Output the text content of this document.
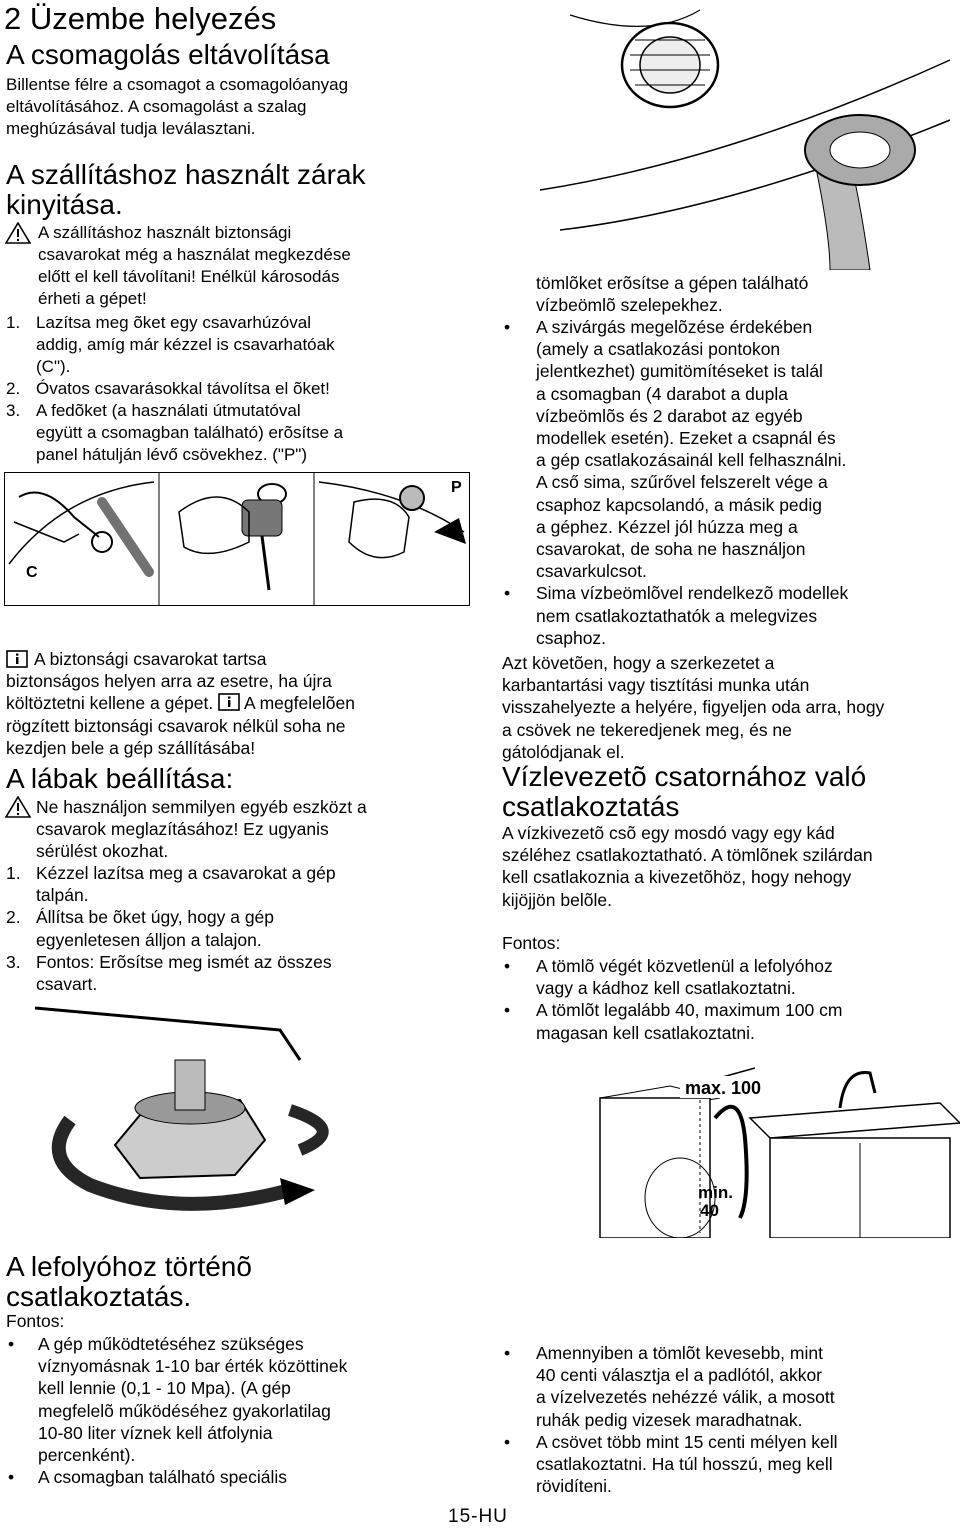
2 Üzembe helyezés
A csomagolás eltávolítása
Billentse félre a csomagot a csomagolóanyag
eltávolításához. A csomagolást a szalag
meghúzásával tudja leválasztani.
A szállításhoz használt zárak
kinyitása.
A szállításhoz használt biztonsági
csavarokat még a használat megkezdése
előtt el kell távolítani! Enélkül károsodás
érheti a gépet!
1. Lazítsa meg õket egy csavarhúzóval
addig, amíg már kézzel is csavarhatóak
(C").
2. Óvatos csavarásokkal távolítsa el õket!
3. A fedõket (a használati útmutatóval
együtt a csomagban található) erõsítse a
panel hátulján lévő csövekhez. ("P")
C
P
A biztonsági csavarokat tartsa
biztonságos helyen arra az esetre, ha újra
költöztetni kellene a gépet. A megfelelõen
rögzített biztonsági csavarok nélkül soha ne
kezdjen bele a gép szállításába!
A lábak beállítása:
Ne használjon semmilyen egyéb eszközt a
csavarok meglazításához! Ez ugyanis
sérülést okozhat.
1. Kézzel lazítsa meg a csavarokat a gép
talpán.
2. Állítsa be õket úgy, hogy a gép
egyenletesen álljon a talajon.
3. Fontos: Erõsítse meg ismét az összes
csavart.
tömlõket erõsítse a gépen található
vízbeömlõ szelepekhez.
• A szivárgás megelõzése érdekében
(amely a csatlakozási pontokon
jelentkezhet) gumitömítéseket is talál
a csomagban (4 darabot a dupla
vízbeömlõs és 2 darabot az egyéb
modellek esetén). Ezeket a csapnál és
a gép csatlakozásainál kell felhasználni.
A cső sima, szűrővel felszerelt vége a
csaphoz kapcsolandó, a másik pedig
a géphez. Kézzel jól húzza meg a
csavarokat, de soha ne használjon
csavarkulcsot.
• Sima vízbeömlõvel rendelkezõ modellek
nem csatlakoztathatók a melegvizes
csaphoz.
Azt követõen, hogy a szerkezetet a
karbantartási vagy tisztítási munka után
visszahelyezte a helyére, figyeljen oda arra, hogy
a csövek ne tekeredjenek meg, és ne
gátolódjanak el.
Vízlevezetõ csatornához való
csatlakoztatás
A vízkivezetõ csõ egy mosdó vagy egy kád
széléhez csatlakoztatható. A tömlõnek szilárdan
kell csatlakoznia a kivezetõhöz, hogy nehogy
kijöjjön belõle.
Fontos:
• A tömlõ végét közvetlenül a lefolyóhoz
vagy a kádhoz kell csatlakoztatni.
• A tömlõt legalább 40, maximum 100 cm
magasan kell csatlakoztatni.
max. 100
min.
40
A lefolyóhoz történõ
csatlakoztatás.
Fontos:
• A gép működtetéséhez szükséges
víznyomásnak 1-10 bar érték közöttinek
kell lennie (0,1 - 10 Mpa). (A gép
megfelelõ működéséhez gyakorlatilag
10-80 liter víznek kell átfolynia
percenként).
• A csomagban található speciális
• Amennyiben a tömlõt kevesebb, mint
40 centi választja el a padlótól, akkor
a vízelvezetés nehézzé válik, a mosott
ruhák pedig vizesek maradhatnak.
• A csövet több mint 15 centi mélyen kell
csatlakoztatni. Ha túl hosszú, meg kell
rövidíteni.
15-HU
